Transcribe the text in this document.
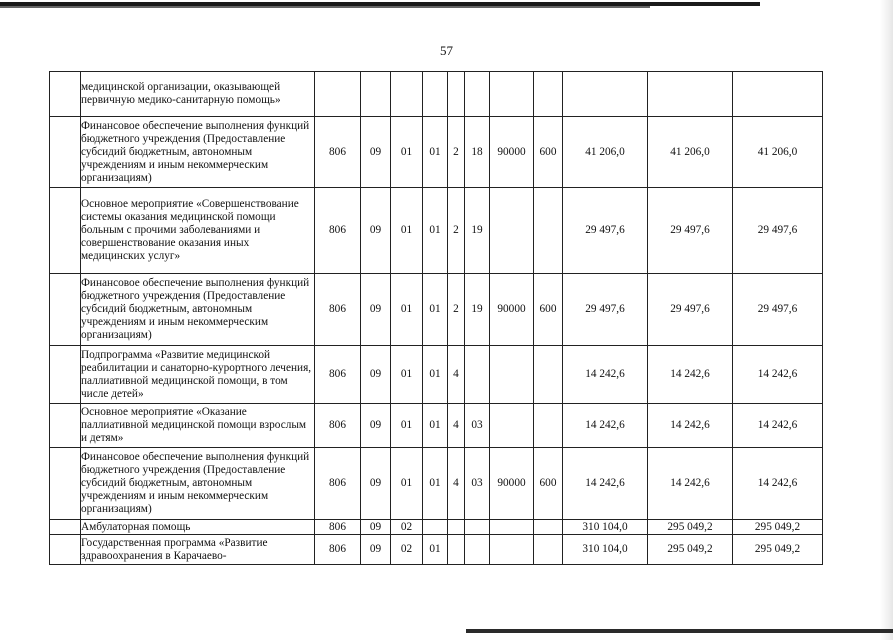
57
	медицинской организации, оказывающей первичную медико-санитарную помощь»											
	Финансовое обеспечение выполнения функций бюджетного учреждения (Предоставление субсидий бюджетным, автономным учреждениям и иным некоммерческим организациям)	806	09	01	01	2	18	90000	600	41 206,0	41 206,0	41 206,0
	Основное мероприятие «Совершенствование системы оказания медицинской помощи больным с прочими заболеваниями и совершенствование оказания иных медицинских услуг»	806	09	01	01	2	19			29 497,6	29 497,6	29 497,6
	Финансовое обеспечение выполнения функций бюджетного учреждения (Предоставление субсидий бюджетным, автономным учреждениям и иным некоммерческим организациям)	806	09	01	01	2	19	90000	600	29 497,6	29 497,6	29 497,6
	Подпрограмма «Развитие медицинской реабилитации и санаторно-курортного лечения, паллиативной медицинской помощи, в том числе детей»	806	09	01	01	4				14 242,6	14 242,6	14 242,6
	Основное мероприятие «Оказание паллиативной медицинской помощи взрослым и детям»	806	09	01	01	4	03			14 242,6	14 242,6	14 242,6
	Финансовое обеспечение выполнения функций бюджетного учреждения (Предоставление субсидий бюджетным, автономным учреждениям и иным некоммерческим организациям)	806	09	01	01	4	03	90000	600	14 242,6	14 242,6	14 242,6
	Амбулаторная помощь	806	09	02						310 104,0	295 049,2	295 049,2
	Государственная программа «Развитие здравоохранения в Карачаево-	806	09	02	01					310 104,0	295 049,2	295 049,2
